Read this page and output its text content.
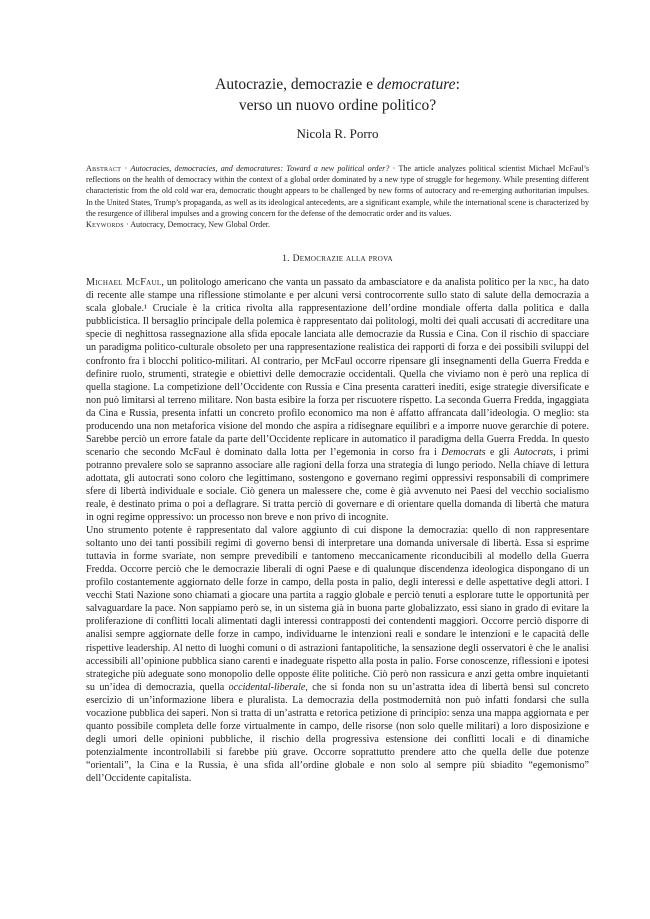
Autocrazie, democrazie e democrature:
verso un nuovo ordine politico?
Nicola R. Porro
Abstract · Autocracies, democracies, and democratures: Toward a new political order? · The article analyzes political scientist Michael McFaul’s reflections on the health of democracy within the context of a global order dominated by a new type of struggle for hegemony. While presenting different characteristic from the old cold war era, democratic thought appears to be challenged by new forms of autocracy and re-emerging authoritarian impulses. In the United States, Trump’s propaganda, as well as its ideological antecedents, are a significant example, while the international scene is characterized by the resurgence of illiberal impulses and a growing concern for the defense of the democratic order and its values.
Keywords · Autocracy, Democracy, New Global Order.
1. Democrazie alla prova

Michael McFaul, un politologo americano che vanta un passato da ambasciatore e da analista politico per la nbc, ha dato di recente alle stampe una riflessione stimolante e per alcuni versi controcorrente sullo stato di salute della democrazia a scala globale.¹ Cruciale è la critica rivolta alla rappresentazione dell’ordine mondiale offerta dalla politica e dalla pubblicistica. Il bersaglio principale della polemica è rappresentato dai politologi, molti dei quali accusati di accreditare una specie di neghittosa rassegnazione alla sfida epocale lanciata alle democrazie da Russia e Cina. Con il rischio di spacciare un paradigma politico-culturale obsoleto per una rappresentazione realistica dei rapporti di forza e dei possibili sviluppi del confronto fra i blocchi politico-militari. Al contrario, per McFaul occorre ripensare gli insegnamenti della Guerra Fredda e definire ruolo, strumenti, strategie e obiettivi delle democrazie occidentali. Quella che viviamo non è però una replica di quella stagione. La competizione dell’Occidente con Russia e Cina presenta caratteri inediti, esige strategie diversificate e non può limitarsi al terreno militare. Non basta esibire la forza per riscuotere rispetto. La seconda Guerra Fredda, ingaggiata da Cina e Russia, presenta infatti un concreto profilo economico ma non è affatto affrancata dall’ideologia. O meglio: sta producendo una non metaforica visione del mondo che aspira a ridisegnare equilibri e a imporre nuove gerarchie di potere. Sarebbe perciò un errore fatale da parte dell’Occidente replicare in automatico il paradigma della Guerra Fredda. In questo scenario che secondo McFaul è dominato dalla lotta per l’egemonia in corso fra i Democrats e gli Autocrats, i primi potranno prevalere solo se sapranno associare alle ragioni della forza una strategia di lungo periodo. Nella chiave di lettura adottata, gli autocrati sono coloro che legittimano, sostengono e governano regimi oppressivi responsabili di comprimere sfere di libertà individuale e sociale. Ciò genera un malessere che, come è già avvenuto nei Paesi del vecchio socialismo reale, è destinato prima o poi a deflagrare. Si tratta perciò di governare e di orientare quella domanda di libertà che matura in ogni regime oppressivo: un processo non breve e non privo di incognite.

Uno strumento potente è rappresentato dal valore aggiunto di cui dispone la democrazia: quello di non rappresentare soltanto uno dei tanti possibili regimi di governo bensì di interpretare una domanda universale di libertà. Essa si esprime tuttavia in forme svariate, non sempre prevedibili e tantomeno meccanicamente riconducibili al modello della Guerra Fredda. Occorre perciò che le democrazie liberali di ogni Paese e di qualunque discendenza ideologica dispongano di un profilo costantemente aggiornato delle forze in campo, della posta in palio, degli interessi e delle aspettative degli attori. I vecchi Stati Nazione sono chiamati a giocare una partita a raggio globale e perciò tenuti a esplorare tutte le opportunità per salvaguardare la pace. Non sappiamo però se, in un sistema già in buona parte globalizzato, essi siano in grado di evitare la proliferazione di conflitti locali alimentati dagli interessi contrapposti dei contendenti maggiori. Occorre perciò disporre di analisi sempre aggiornate delle forze in campo, individuarne le intenzioni reali e sondare le intenzioni e le capacità delle rispettive leadership. Al netto di luoghi comuni o di astrazioni fantapolitiche, la sensazione degli osservatori è che le analisi accessibili all’opinione pubblica siano carenti e inadeguate rispetto alla posta in palio. Forse conoscenze, riflessioni e ipotesi strategiche più adeguate sono monopolio delle opposte élite politiche. Ciò però non rassicura e anzi getta ombre inquietanti su un’idea di democrazia, quella occidental-liberale, che si fonda non su un’astratta idea di libertà bensì sul concreto esercizio di un’informazione libera e pluralista. La democrazia della postmodernità non può infatti fondarsi che sulla vocazione pubblica dei saperi. Non si tratta di un’astratta e retorica petizione di principio: senza una mappa aggiornata e per quanto possibile completa delle forze virtualmente in campo, delle risorse (non solo quelle militari) a loro disposizione e degli umori delle opinioni pubbliche, il rischio della progressiva estensione dei conflitti locali e di dinamiche potenzialmente incontrollabili si farebbe più grave. Occorre soprattutto prendere atto che quella delle due potenze “orientali”, la Cina e la Russia, è una sfida all’ordine globale e non solo al sempre più sbiadito “egemonismo” dell’Occidente capitalista.
